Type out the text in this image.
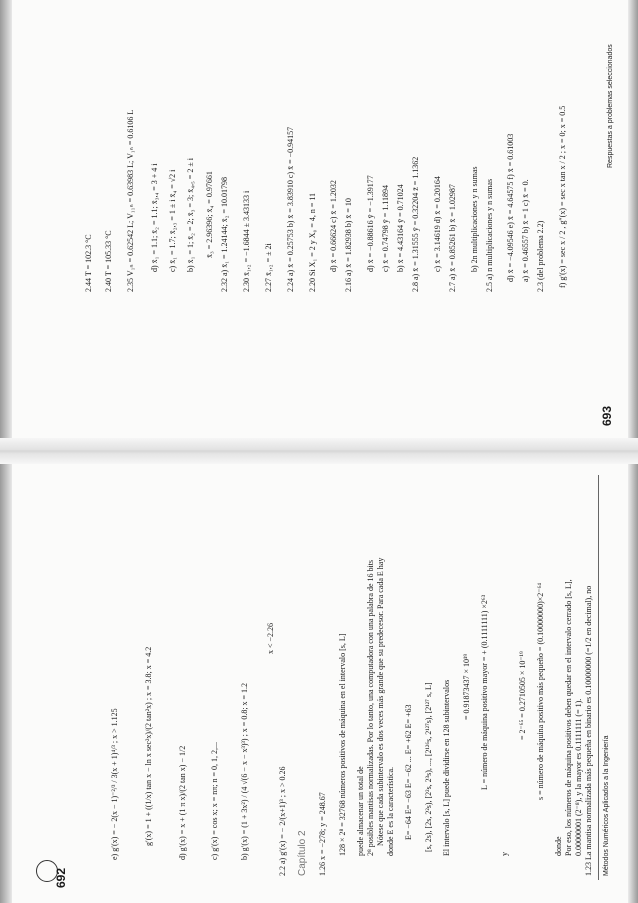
Respuestas a problemas seleccionados
693
f) g′(x) = sec x / 2 , g″(x) = sec x tan x / 2 ; x = 0; x = 0.5
2.3 (del problema 2.2)
a) x̄ = 0.46557 b) x̄ = 1 c) x̄ = 0.
d) x̄ = −4.09546 e) x̄ = 4.64575 f) x̄ = 0.61003
2.5 a) n multiplicaciones y n sumas
b) 2n multiplicaciones y n sumas
2.7 a) x̄ = 0.85261 b) x̄ = 1.02987
c) x̄ = 3.14619 d) x̄ = 0.20164
2.8 a) x̄ = 1.31555 ȳ = 0.32204 z̄ = 1.1362
b) x̄ = 4.43164 ȳ = 0.71024
c) x̄ = 0.74798 ȳ = 1.11894
d) x̄ = −0.88616 ȳ = −1.39177
2.16 a) x̄ = 1.82938 b) x̄ = 10
d) x̄ = 0.66624 c) x̄ = 1.2032
2.20 Si X₁ = 2 y X₀ = 4, n = 11
2.24 a) x̄ = 0.25753 b) x̄ = 3.83910 c) x̄ = −0.94157
2.27 x̄₁,₂ = ± 2i
2.30 x̄₁,₂ = −1.6844 ± 3.43133 i
2.32 a) x̄₁ = 1.24144; x̄₂ = 10.01798
x̄₃ = 2.96396; x̄₄ = 0.97661
b) x̄₁ = 1; x̄₂ = 2; x̄₃ = 3; x̄₄,₅ = 2 ± i
c) x̄₁ = 1.7; x̄₂,₃ = 1 ± i x̄₄ = √2 i
d) x̄₁ = 1.1; x̄₂ = 1.1; x̄₃,₄ = 3 + 4 i
2.35 V₁ₙ = 0.62542 L; V₁₁ₙ = 0.63983 L; V₁ₙ = 0.6106 L
2.40 T = 105.33 °C
2.44 T = 102.3 °C
Métodos Numéricos Aplicados a la Ingeniería
692
1.23 La mantisa normalizada más pequeña en binario es 0.10000000 (=1/2 en decimal), no
0.00000001 (2⁻⁸), y la mayor es 0.1111111 (= 1).
Por eso, los números de máquina positivos deben quedar en el intervalo cerrado [s, L],
donde
s = número de máquina positivo más pequeño = (0.10000000)×2⁻⁶⁴
= 2⁻⁶⁵ = 0.2710505 × 10⁻¹⁹
y
L = número de máquina positivo mayor = + (0.1111111) ×2⁶³
= 0.91873437 × 10¹⁹
El intervalo [s, L] puede dividirse en 128 subintervalos
[s, 2s), [2s, 2²s), [2²s, 2³s), ..., [2¹²⁶s, 2¹²⁷s), [2¹²⁷ s, L]
E= −64 E= −63 E= −62 ... E= +62 E= +63
donde E es la característica.
Nótese que cada subintervalo es dos veces más grande que su predecesor. Para cada E hay
2⁸ posibles mantisas normalizadas. Por lo tanto, una computadora con una palabra de 16 bits
puede almacenar un total de
128 × 2⁸ = 32768 números positivos de máquina en el intervalo [s, L]
1.26 x = −278; y = 248.67
Capítulo 2
2.2 a) g′(x) = − 2/(x+1)³ ; x > 0.26
x < −2.26
b) g′(x) = (1 + 3x²) / (4 √(6 − x − x³)³) ; x = 0.8; x = 1.2
c) g′(x) = cos x; x = nπ; n = 0, 1, 2,...
d) g′(x) = x + (1 π x)/(2 tan x) − 1/2
g′(x) = 1 + ((1/x) tan x − ln x sec²x)/(2 tan²x) ; x = 3.8; x = 4.2
e) g′(x) = − 2(x − 1)⁻²/³ / 3(x + 1)⁴/³ ; x > 1.125
